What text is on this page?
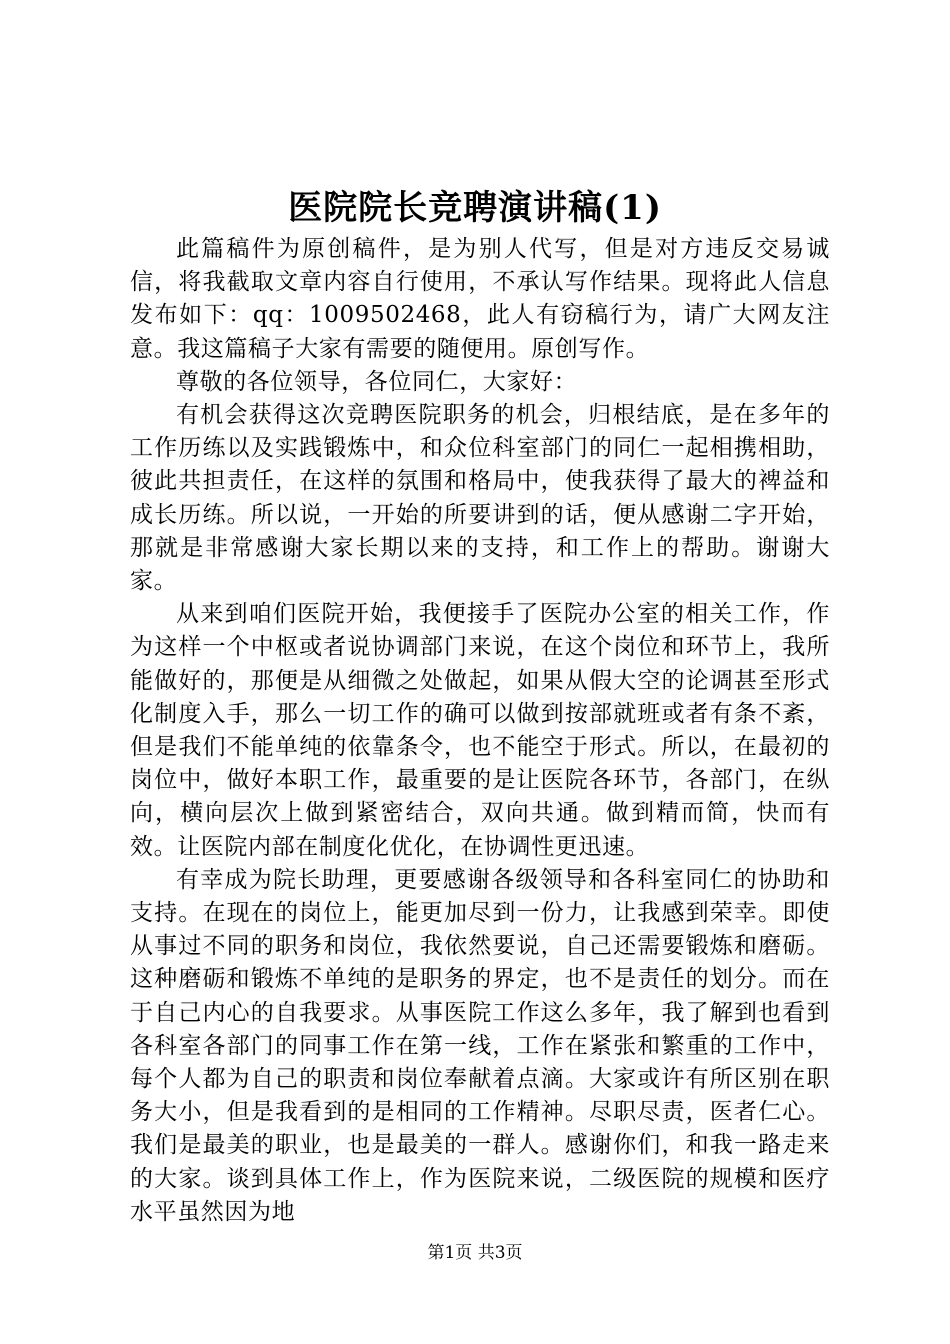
医院院长竞聘演讲稿(1)

此篇稿件为原创稿件，是为别人代写，但是对方违反交易诚信，将我截取文章内容自行使用，不承认写作结果。现将此人信息发布如下：qq：1009502468，此人有窃稿行为，请广大网友注意。我这篇稿子大家有需要的随便用。原创写作。

尊敬的各位领导，各位同仁，大家好：

有机会获得这次竞聘医院职务的机会，归根结底，是在多年的工作历练以及实践锻炼中，和众位科室部门的同仁一起相携相助，彼此共担责任，在这样的氛围和格局中，使我获得了最大的裨益和成长历练。所以说，一开始的所要讲到的话，便从感谢二字开始，那就是非常感谢大家长期以来的支持，和工作上的帮助。谢谢大家。

从来到咱们医院开始，我便接手了医院办公室的相关工作，作为这样一个中枢或者说协调部门来说，在这个岗位和环节上，我所能做好的，那便是从细微之处做起，如果从假大空的论调甚至形式化制度入手，那么一切工作的确可以做到按部就班或者有条不紊，但是我们不能单纯的依靠条令，也不能空于形式。所以，在最初的岗位中，做好本职工作，最重要的是让医院各环节，各部门，在纵向，横向层次上做到紧密结合，双向共通。做到精而简，快而有效。让医院内部在制度化优化，在协调性更迅速。

有幸成为院长助理，更要感谢各级领导和各科室同仁的协助和支持。在现在的岗位上，能更加尽到一份力，让我感到荣幸。即使从事过不同的职务和岗位，我依然要说，自己还需要锻炼和磨砺。这种磨砺和锻炼不单纯的是职务的界定，也不是责任的划分。而在于自己内心的自我要求。从事医院工作这么多年，我了解到也看到各科室各部门的同事工作在第一线，工作在紧张和繁重的工作中，每个人都为自己的职责和岗位奉献着点滴。大家或许有所区别在职务大小，但是我看到的是相同的工作精神。尽职尽责，医者仁心。我们是最美的职业，也是最美的一群人。感谢你们，和我一路走来的大家。谈到具体工作上，作为医院来说，二级医院的规模和医疗水平虽然因为地

第1页 共3页
